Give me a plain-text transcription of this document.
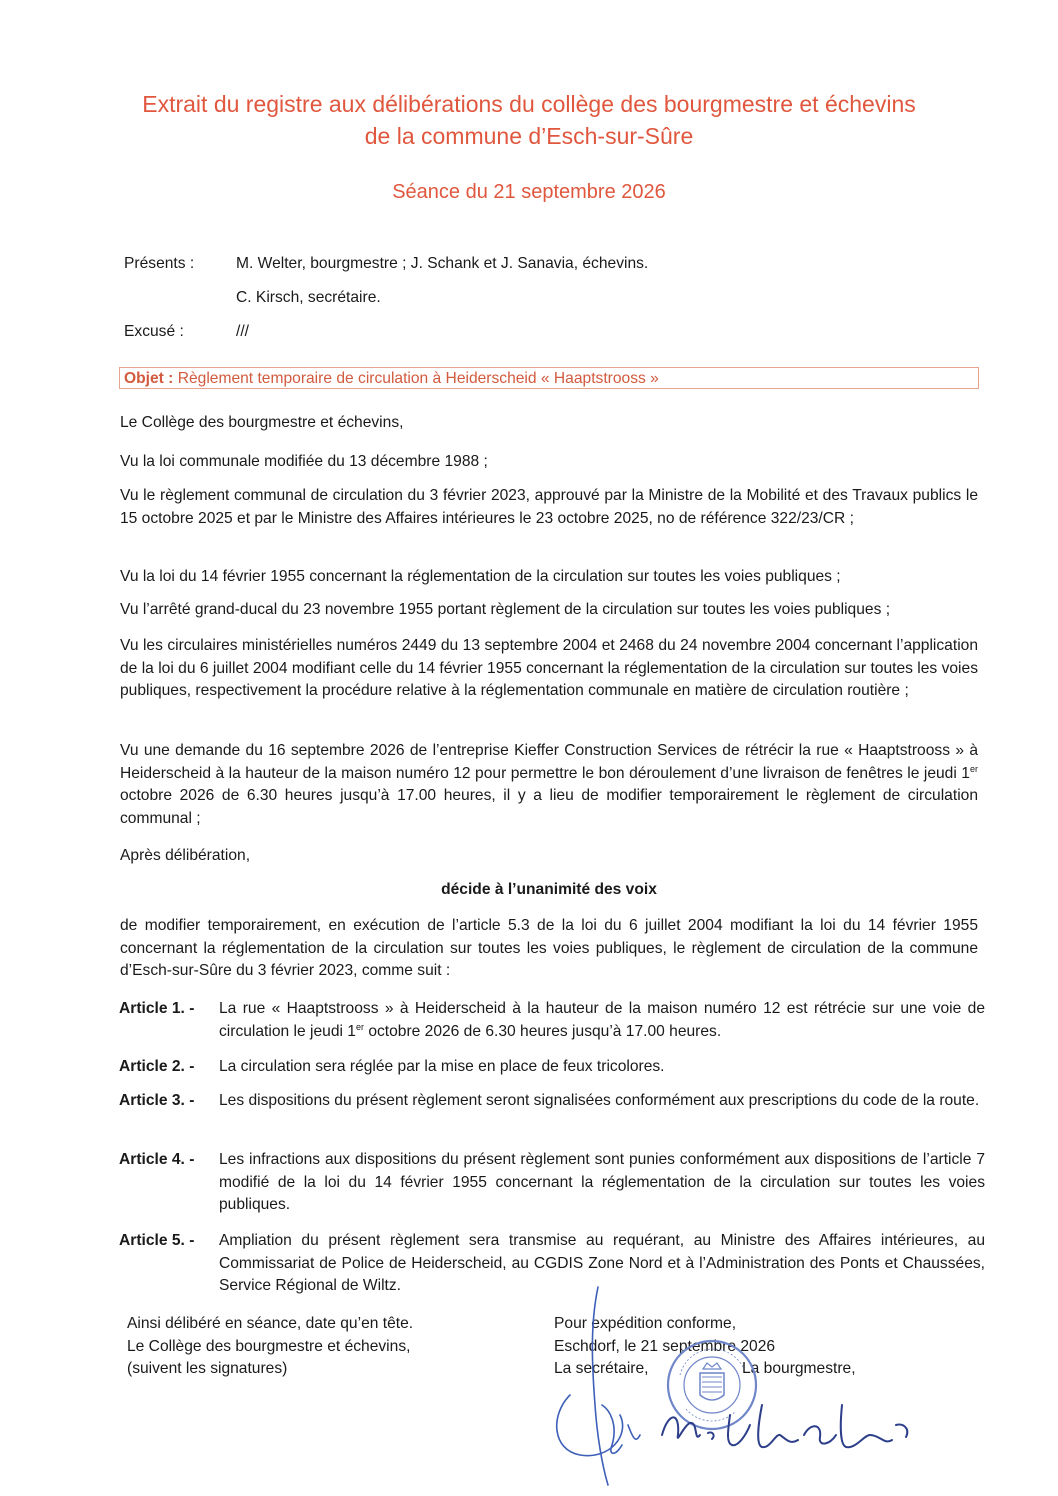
Extrait du registre aux délibérations du collège des bourgmestre et échevins
de la commune d’Esch-sur-Sûre
Séance du 21 septembre 2026
Présents :	M. Welter, bourgmestre ; J. Schank et J. Sanavia, échevins.
C. Kirsch, secrétaire.
Excusé :	///
Objet : Règlement temporaire de circulation à Heiderscheid « Haaptstrooss »

Le Collège des bourgmestre et échevins,

Vu la loi communale modifiée du 13 décembre 1988 ;

Vu le règlement communal de circulation du 3 février 2023, approuvé par la Ministre de la Mobilité et des Travaux publics le 15 octobre 2025 et par le Ministre des Affaires intérieures le 23 octobre 2025, no de référence 322/23/CR ;

Vu la loi du 14 février 1955 concernant la réglementation de la circulation sur toutes les voies publiques ;

Vu l’arrêté grand-ducal du 23 novembre 1955 portant règlement de la circulation sur toutes les voies publiques ;

Vu les circulaires ministérielles numéros 2449 du 13 septembre 2004 et 2468 du 24 novembre 2004 concernant l’application de la loi du 6 juillet 2004 modifiant celle du 14 février 1955 concernant la réglementation de la circulation sur toutes les voies publiques, respectivement la procédure relative à la réglementation communale en matière de circulation routière ;

Vu une demande du 16 septembre 2026 de l’entreprise Kieffer Construction Services de rétrécir la rue « Haaptstrooss » à Heiderscheid à la hauteur de la maison numéro 12 pour permettre le bon déroulement d’une livraison de fenêtres le jeudi 1er octobre 2026 de 6.30 heures jusqu’à 17.00 heures, il y a lieu de modifier temporairement le règlement de circulation communal ;

Après délibération,

décide à l’unanimité des voix

de modifier temporairement, en exécution de l’article 5.3 de la loi du 6 juillet 2004 modifiant la loi du 14 février 1955 concernant la réglementation de la circulation sur toutes les voies publiques, le règlement de circulation de la commune d’Esch-sur-Sûre du 3 février 2023, comme suit :

Article 1. - La rue « Haaptstrooss » à Heiderscheid à la hauteur de la maison numéro 12 est rétrécie sur une voie de circulation le jeudi 1er octobre 2026 de 6.30 heures jusqu’à 17.00 heures.

Article 2. - La circulation sera réglée par la mise en place de feux tricolores.

Article 3. - Les dispositions du présent règlement seront signalisées conformément aux prescriptions du code de la route.

Article 4. - Les infractions aux dispositions du présent règlement sont punies conformément aux dispositions de l’article 7 modifié de la loi du 14 février 1955 concernant la réglementation de la circulation sur toutes les voies publiques.

Article 5. - Ampliation du présent règlement sera transmise au requérant, au Ministre des Affaires intérieures, au Commissariat de Police de Heiderscheid, au CGDIS Zone Nord et à l’Administration des Ponts et Chaussées, Service Régional de Wiltz.

Ainsi délibéré en séance, date qu’en tête.
Le Collège des bourgmestre et échevins,
(suivent les signatures)
Pour expédition conforme,
Eschdorf, le 21 septembre 2026
La secrétaire,	La bourgmestre,
